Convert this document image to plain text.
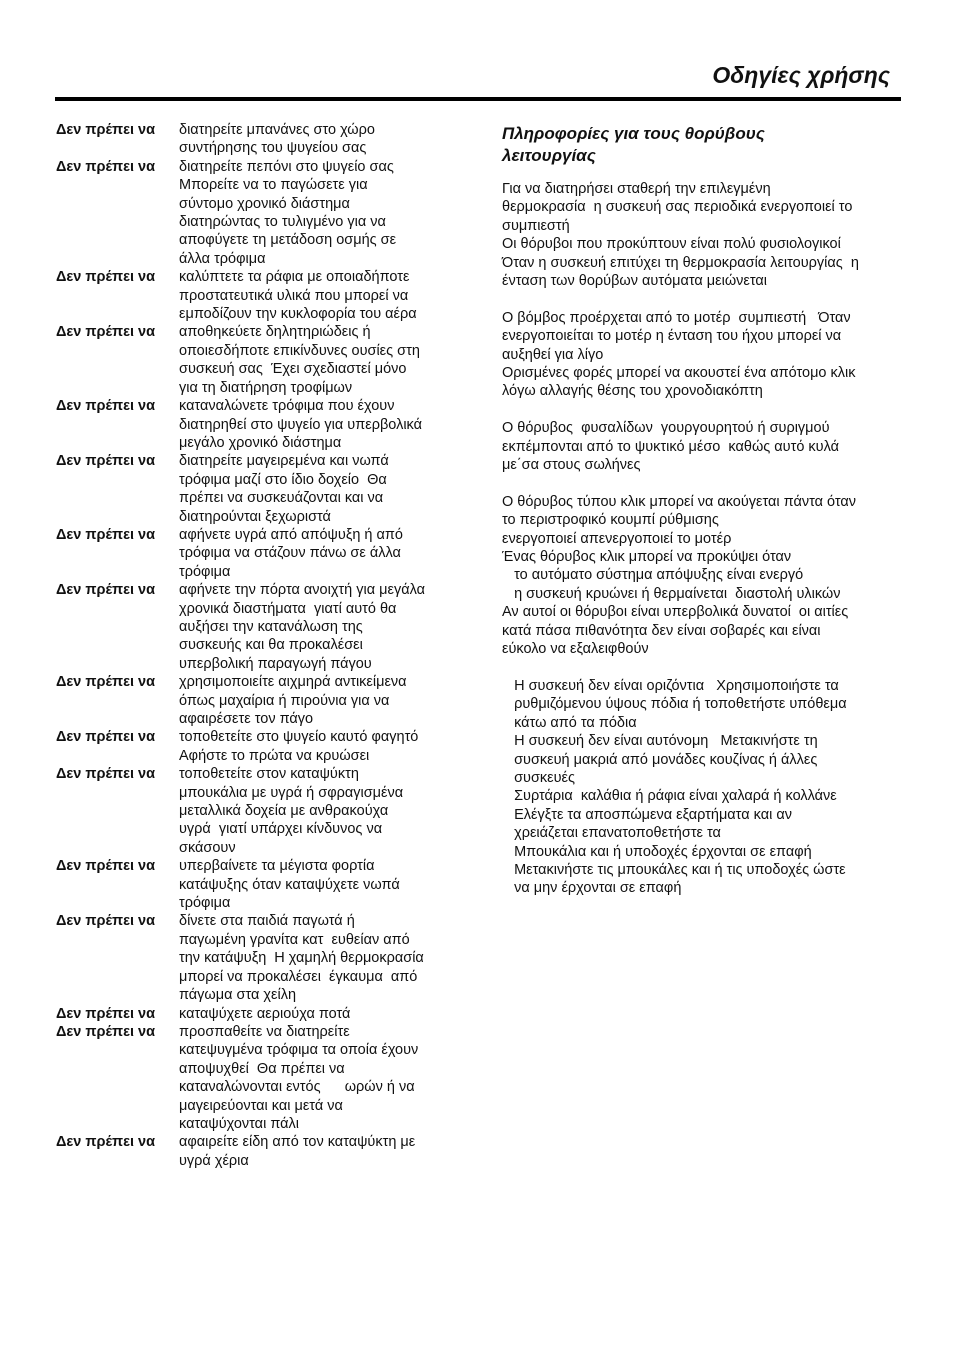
Οδηγίες χρήσης
Δεν πρέπει να	διατηρείτε μπανάνες στο χώρο
συντήρησης του ψυγείου σας
Δεν πρέπει να	διατηρείτε πεπόνι στο ψυγείο σας
Μπορείτε να το παγώσετε για
σύντομο χρονικό διάστημα
διατηρώντας το τυλιγμένο για να
αποφύγετε τη μετάδοση οσμής σε
άλλα τρόφιμα
Δεν πρέπει να	καλύπτετε τα ράφια με οποιαδήποτε
προστατευτικά υλικά που μπορεί να
εμποδίζουν την κυκλοφορία του αέρα
Δεν πρέπει να	αποθηκεύετε δηλητηριώδεις ή
οποιεσδήποτε επικίνδυνες ουσίες στη
συσκευή σας  Έχει σχεδιαστεί μόνο
για τη διατήρηση τροφίμων
Δεν πρέπει να	καταναλώνετε τρόφιμα που έχουν
διατηρηθεί στο ψυγείο για υπερβολικά
μεγάλο χρονικό διάστημα
Δεν πρέπει να	διατηρείτε μαγειρεμένα και νωπά
τρόφιμα μαζί στο ίδιο δοχείο  Θα
πρέπει να συσκευάζονται και να
διατηρούνται ξεχωριστά
Δεν πρέπει να	αφήνετε υγρά από απόψυξη ή από
τρόφιμα να στάζουν πάνω σε άλλα
τρόφιμα
Δεν πρέπει να	αφήνετε την πόρτα ανοιχτή για μεγάλα
χρονικά διαστήματα  γιατί αυτό θα
αυξήσει την κατανάλωση της
συσκευής και θα προκαλέσει
υπερβολική παραγωγή πάγου
Δεν πρέπει να	χρησιμοποιείτε αιχμηρά αντικείμενα
όπως μαχαίρια ή πιρούνια για να
αφαιρέσετε τον πάγο
Δεν πρέπει να	τοποθετείτε στο ψυγείο καυτό φαγητό
Αφήστε το πρώτα να κρυώσει
Δεν πρέπει να	τοποθετείτε στον καταψύκτη
μπουκάλια με υγρά ή σφραγισμένα
μεταλλικά δοχεία με ανθρακούχα
υγρά  γιατί υπάρχει κίνδυνος να
σκάσουν
Δεν πρέπει να	υπερβαίνετε τα μέγιστα φορτία
κατάψυξης όταν καταψύχετε νωπά
τρόφιμα
Δεν πρέπει να	δίνετε στα παιδιά παγωτά ή
παγωμένη γρανίτα κατ  ευθείαν από
την κατάψυξη  Η χαμηλή θερμοκρασία
μπορεί να προκαλέσει  έγκαυμα  από
πάγωμα στα χείλη
Δεν πρέπει να	καταψύχετε αεριούχα ποτά
Δεν πρέπει να	προσπαθείτε να διατηρείτε
κατεψυγμένα τρόφιμα τα οποία έχουν
αποψυχθεί  Θα πρέπει να
καταναλώνονται εντός      ωρών ή να
μαγειρεύονται και μετά να
καταψύχονται πάλι
Δεν πρέπει να	αφαιρείτε είδη από τον καταψύκτη με
υγρά χέρια
Πληροφορίες για τους θορύβους
λειτουργίας
Για να διατηρήσει σταθερή την επιλεγμένη
θερμοκρασία  η συσκευή σας περιοδικά ενεργοποιεί το
συμπιεστή
Οι θόρυβοι που προκύπτουν είναι πολύ φυσιολογικοί
Όταν η συσκευή επιτύχει τη θερμοκρασία λειτουργίας  η
ένταση των θορύβων αυτόματα μειώνεται
Ο βόμβος προέρχεται από το μοτέρ  συμπιεστή   Όταν
ενεργοποιείται το μοτέρ η ένταση του ήχου μπορεί να
αυξηθεί για λίγο
Ορισμένες φορές μπορεί να ακουστεί ένα απότομο κλικ
λόγω αλλαγής θέσης του χρονοδιακόπτη
Ο θόρυβος  φυσαλίδων  γουργουρητού ή συριγμού
εκπέμπονται από το ψυκτικό μέσο  καθώς αυτό κυλά
με΄σα στους σωλήνες
Ο θόρυβος τύπου κλικ μπορεί να ακούγεται πάντα όταν
το περιστροφικό κουμπί ρύθμισης
ενεργοποιεί απενεργοποιεί το μοτέρ
Ένας θόρυβος κλικ μπορεί να προκύψει όταν
το αυτόματο σύστημα απόψυξης είναι ενεργό
η συσκευή κρυώνει ή θερμαίνεται  διαστολή υλικών
Αν αυτοί οι θόρυβοι είναι υπερβολικά δυνατοί  οι αιτίες
κατά πάσα πιθανότητα δεν είναι σοβαρές και είναι
εύκολο να εξαλειφθούν
Η συσκευή δεν είναι οριζόντια   Χρησιμοποιήστε τα
ρυθμιζόμενου ύψους πόδια ή τοποθετήστε υπόθεμα
κάτω από τα πόδια
Η συσκευή δεν είναι αυτόνομη   Μετακινήστε τη
συσκευή μακριά από μονάδες κουζίνας ή άλλες
συσκευές
Συρτάρια  καλάθια ή ράφια είναι χαλαρά ή κολλάνε
Ελέγξτε τα αποσπώμενα εξαρτήματα και αν
χρειάζεται επανατοποθετήστε τα
Μπουκάλια και ή υποδοχές έρχονται σε επαφή
Μετακινήστε τις μπουκάλες και ή τις υποδοχές ώστε
να μην έρχονται σε επαφή
